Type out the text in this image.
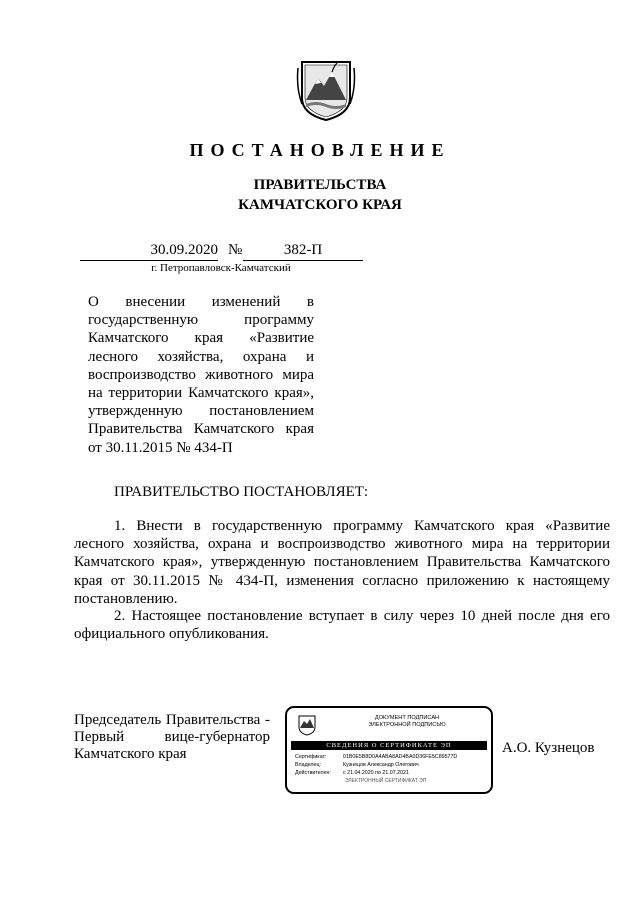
ПОСТАНОВЛЕНИЕ
ПРАВИТЕЛЬСТВА
КАМЧАТСКОГО КРАЯ
30.09.2020 №	382-П
г. Петропавловск-Камчатский
О внесении изменений в
государственную программу
Камчатского края «Развитие
лесного хозяйства, охрана и
воспроизводство животного мира
на территории Камчатского края»,
утвержденную постановлением
Правительства Камчатского края
от 30.11.2015 № 434-П
ПРАВИТЕЛЬСТВО ПОСТАНОВЛЯЕТ:
1. Внести в государственную программу Камчатского края «Развитие
лесного хозяйства, охрана и воспроизводство животного мира на территории
Камчатского края», утвержденную постановлением Правительства Камчатского
края от 30.11.2015 № 434-П, изменения согласно приложению к настоящему
постановлению.
2. Настоящее постановление вступает в силу через 10 дней после дня его
официального опубликования.
Председатель Правительства -
Первый вице-губернатор
Камчатского края
ДОКУМЕНТ ПОДПИСАН
ЭЛЕКТРОННОЙ ПОДПИСЬЮ
СВЕДЕНИЯ О СЕРТИФИКАТЕ ЭП
Сертификат:	01B0E5B8D0A4ABA8AD4BA0D36FE5C89577D
Владелец:	Кузнецов Александр Олегович
Действителен: с 21.04.2020 по 21.07.2021
ЭЛЕКТРОННЫЙ СЕРТИФИКАТ ЭП
А.О. Кузнецов
